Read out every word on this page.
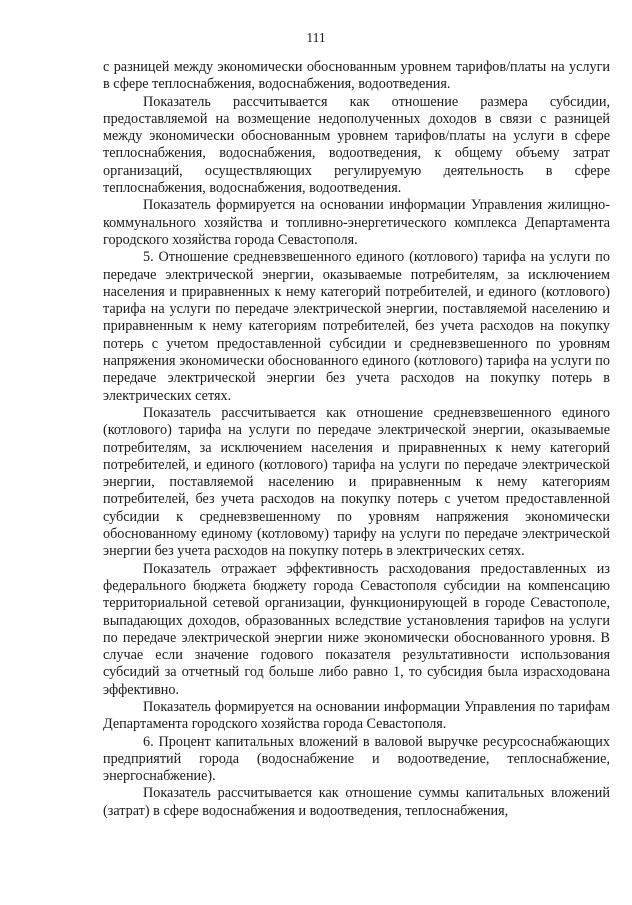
111

с разницей между экономически обоснованным уровнем тарифов/платы на услуги в сфере теплоснабжения, водоснабжения, водоотведения.

Показатель рассчитывается как отношение размера субсидии, предоставляемой на возмещение недополученных доходов в связи с разницей между экономически обоснованным уровнем тарифов/платы на услуги в сфере теплоснабжения, водоснабжения, водоотведения, к общему объему затрат организаций, осуществляющих регулируемую деятельность в сфере теплоснабжения, водоснабжения, водоотведения.

Показатель формируется на основании информации Управления жилищно-коммунального хозяйства и топливно-энергетического комплекса Департамента городского хозяйства города Севастополя.

5. Отношение средневзвешенного единого (котлового) тарифа на услуги по передаче электрической энергии, оказываемые потребителям, за исключением населения и приравненных к нему категорий потребителей, и единого (котлового) тарифа на услуги по передаче электрической энергии, поставляемой населению и приравненным к нему категориям потребителей, без учета расходов на покупку потерь с учетом предоставленной субсидии и средневзвешенного по уровням напряжения экономически обоснованного единого (котлового) тарифа на услуги по передаче электрической энергии без учета расходов на покупку потерь в электрических сетях.

Показатель рассчитывается как отношение средневзвешенного единого (котлового) тарифа на услуги по передаче электрической энергии, оказываемые потребителям, за исключением населения и приравненных к нему категорий потребителей, и единого (котлового) тарифа на услуги по передаче электрической энергии, поставляемой населению и приравненным к нему категориям потребителей, без учета расходов на покупку потерь с учетом предоставленной субсидии к средневзвешенному по уровням напряжения экономически обоснованному единому (котловому) тарифу на услуги по передаче электрической энергии без учета расходов на покупку потерь в электрических сетях.

Показатель отражает эффективность расходования предоставленных из федерального бюджета бюджету города Севастополя субсидии на компенсацию территориальной сетевой организации, функционирующей в городе Севастополе, выпадающих доходов, образованных вследствие установления тарифов на услуги по передаче электрической энергии ниже экономически обоснованного уровня. В случае если значение годового показателя результативности использования субсидий за отчетный год больше либо равно 1, то субсидия была израсходована эффективно.

Показатель формируется на основании информации Управления по тарифам Департамента городского хозяйства города Севастополя.

6. Процент капитальных вложений в валовой выручке ресурсоснабжающих предприятий города (водоснабжение и водоотведение, теплоснабжение, энергоснабжение).

Показатель рассчитывается как отношение суммы капитальных вложений (затрат) в сфере водоснабжения и водоотведения, теплоснабжения,
